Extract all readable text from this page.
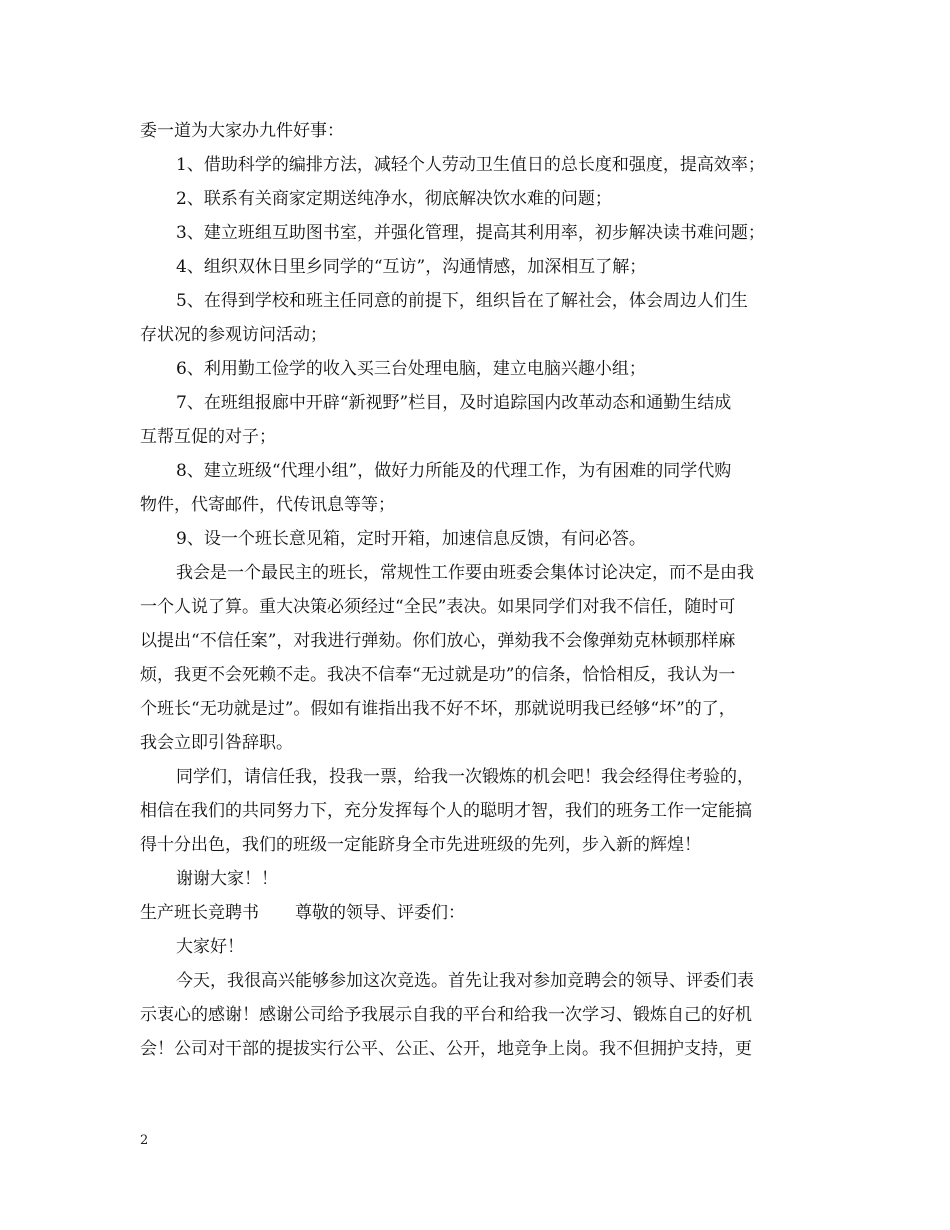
委一道为大家办九件好事：
1、借助科学的编排方法，减轻个人劳动卫生值日的总长度和强度，提高效率；
2、联系有关商家定期送纯净水，彻底解决饮水难的问题；
3、建立班组互助图书室，并强化管理，提高其利用率，初步解决读书难问题；
4、组织双休日里乡同学的“互访”，沟通情感，加深相互了解；
5、在得到学校和班主任同意的前提下，组织旨在了解社会，体会周边人们生
存状况的参观访问活动；
6、利用勤工俭学的收入买三台处理电脑，建立电脑兴趣小组；
7、在班组报廊中开辟“新视野”栏目，及时追踪国内改革动态和通勤生结成
互帮互促的对子；
8、建立班级“代理小组”，做好力所能及的代理工作，为有困难的同学代购
物件，代寄邮件，代传讯息等等；
9、设一个班长意见箱，定时开箱，加速信息反馈，有问必答。
我会是一个最民主的班长，常规性工作要由班委会集体讨论决定，而不是由我
一个人说了算。重大决策必须经过“全民”表决。如果同学们对我不信任，随时可
以提出“不信任案”，对我进行弹劾。你们放心，弹劾我不会像弹劾克林顿那样麻
烦，我更不会死赖不走。我决不信奉“无过就是功”的信条，恰恰相反，我认为一
个班长“无功就是过”。假如有谁指出我不好不坏，那就说明我已经够“坏”的了，
我会立即引咎辞职。
同学们，请信任我，投我一票，给我一次锻炼的机会吧！我会经得住考验的，
相信在我们的共同努力下，充分发挥每个人的聪明才智，我们的班务工作一定能搞
得十分出色，我们的班级一定能跻身全市先进班级的先列，步入新的辉煌！
谢谢大家！！
生产班长竞聘书 尊敬的领导、评委们：
大家好！
今天，我很高兴能够参加这次竞选。首先让我对参加竞聘会的领导、评委们表
示衷心的感谢！感谢公司给予我展示自我的平台和给我一次学习、锻炼自己的好机
会！公司对干部的提拔实行公平、公正、公开，地竞争上岗。我不但拥护支持，更
2
